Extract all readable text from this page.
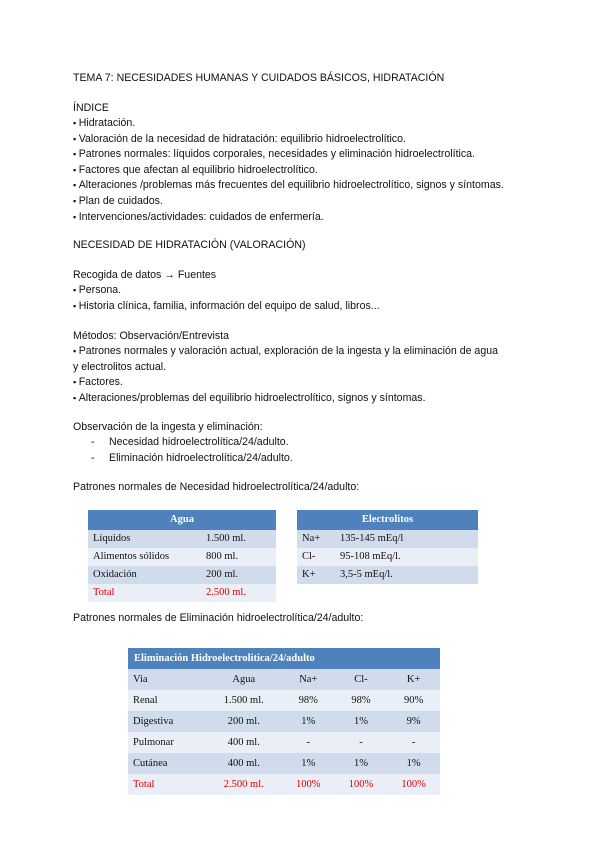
TEMA 7: NECESIDADES HUMANAS Y CUIDADOS BÁSICOS, HIDRATACIÓN
ÍNDICE
▪ Hidratación.
▪ Valoración de la necesidad de hidratación: equilibrio hidroelectrolítico.
▪ Patrones normales: líquidos corporales, necesidades y eliminación hidroelectrolítica.
▪ Factores que afectan al equilibrio hidroelectrolítico.
▪ Alteraciones /problemas más frecuentes del equilibrio hidroelectrolítico, signos y síntomas.
▪ Plan de cuidados.
▪ Intervenciones/actividades: cuidados de enfermería.
NECESIDAD DE HIDRATACIÓN (VALORACIÓN)
Recogida de datos → Fuentes
▪ Persona.
▪ Historia clínica, familia, información del equipo de salud, libros...
Métodos: Observación/Entrevista
▪ Patrones normales y valoración actual, exploración de la ingesta y la eliminación de agua
y electrolitos actual.
▪ Factores.
▪ Alteraciones/problemas del equilibrio hidroelectrolítico, signos y síntomas.
Observación de la ingesta y eliminación:
- Necesidad hidroelectrolítica/24/adulto.
- Eliminación hidroelectrolítica/24/adulto.
Patrones normales de Necesidad hidroelectrolítica/24/adulto:
Agua	
Líquidos	1.500 ml.
Alimentos sólidos	800 ml.
Oxidación	200 ml.
Total	2.500 ml.
Electrolitos	
Na+	135-145 mEq/l
Cl-	95-108 mEq/l.
K+	3,5-5 mEq/l.
Patrones normales de Eliminación hidroelectrolítica/24/adulto:
Eliminación Hidroelectrolitica/24/adulto				
Via	Agua	Na+	Cl-	K+
Renal	1.500 ml.	98%	98%	90%
Digestiva	200 ml.	1%	1%	9%
Pulmonar	400 ml.	-	-	-
Cutánea	400 ml.	1%	1%	1%
Total	2.500 ml.	100%	100%	100%
